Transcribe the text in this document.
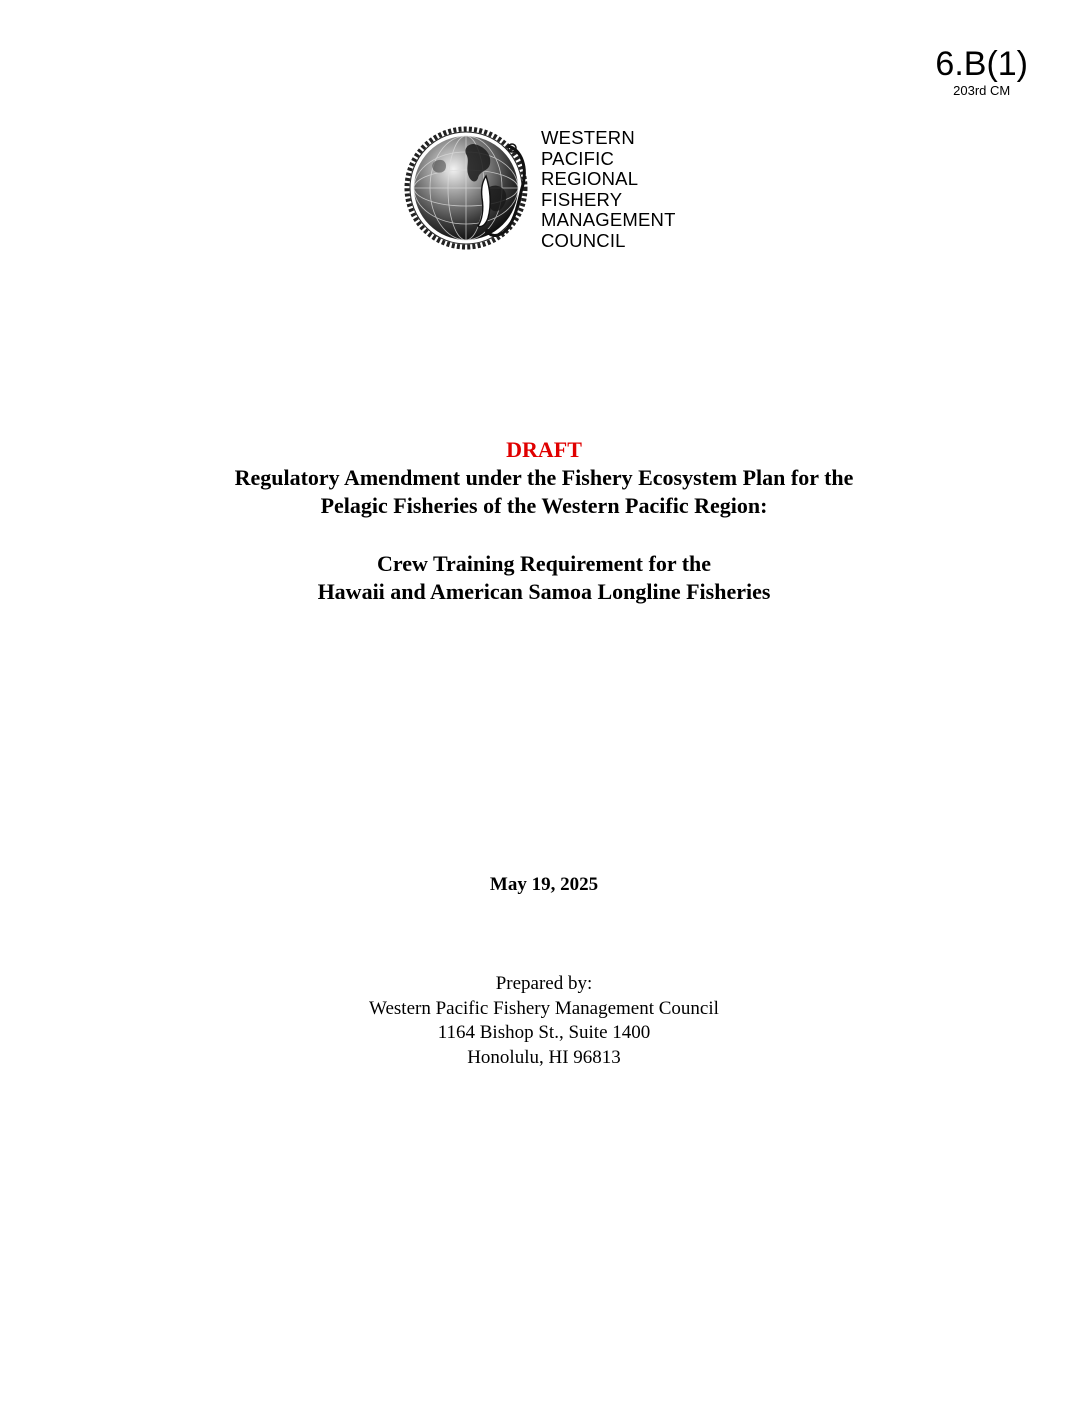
6.B(1)
203rd CM
WESTERN
PACIFIC
REGIONAL
FISHERY
MANAGEMENT
COUNCIL
DRAFT
Regulatory Amendment under the Fishery Ecosystem Plan for the
Pelagic Fisheries of the Western Pacific Region:
Crew Training Requirement for the
Hawaii and American Samoa Longline Fisheries
May 19, 2025
Prepared by:
Western Pacific Fishery Management Council
1164 Bishop St., Suite 1400
Honolulu, HI 96813
